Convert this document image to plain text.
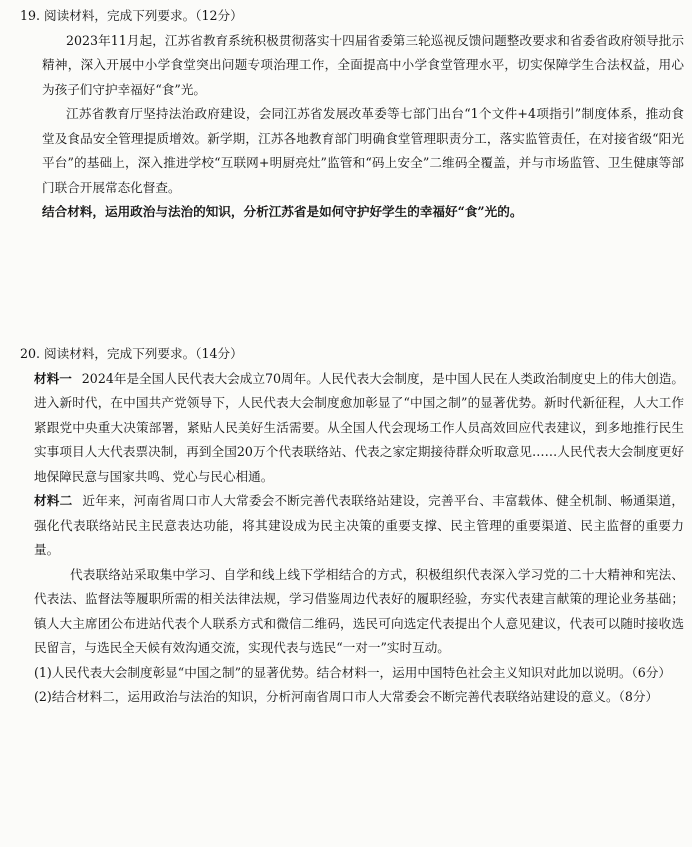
19. 阅读材料，完成下列要求。（12分）

2023年11月起，江苏省教育系统积极贯彻落实十四届省委第三轮巡视反馈问题整改要求和省委省政府领导批示精神，深入开展中小学食堂突出问题专项治理工作，全面提高中小学食堂管理水平，切实保障学生合法权益，用心为孩子们守护幸福好“食”光。

江苏省教育厅坚持法治政府建设，会同江苏省发展改革委等七部门出台“1个文件+4项指引”制度体系，推动食堂及食品安全管理提质增效。新学期，江苏各地教育部门明确食堂管理职责分工，落实监管责任，在对接省级“阳光平台”的基础上，深入推进学校“互联网+明厨亮灶”监管和“码上安全”二维码全覆盖，并与市场监管、卫生健康等部门联合开展常态化督查。

结合材料，运用政治与法治的知识，分析江苏省是如何守护好学生的幸福好“食”光的。

20. 阅读材料，完成下列要求。（14分）

材料一 2024年是全国人民代表大会成立70周年。人民代表大会制度，是中国人民在人类政治制度史上的伟大创造。进入新时代，在中国共产党领导下，人民代表大会制度愈加彰显了“中国之制”的显著优势。新时代新征程，人大工作紧跟党中央重大决策部署，紧贴人民美好生活需要。从全国人代会现场工作人员高效回应代表建议，到多地推行民生实事项目人大代表票决制，再到全国20万个代表联络站、代表之家定期接待群众听取意见……人民代表大会制度更好地保障民意与国家共鸣、党心与民心相通。

材料二 近年来，河南省周口市人大常委会不断完善代表联络站建设，完善平台、丰富载体、健全机制、畅通渠道，强化代表联络站民主民意表达功能，将其建设成为民主决策的重要支撑、民主管理的重要渠道、民主监督的重要力量。

代表联络站采取集中学习、自学和线上线下学相结合的方式，积极组织代表深入学习党的二十大精神和宪法、代表法、监督法等履职所需的相关法律法规，学习借鉴周边代表好的履职经验，夯实代表建言献策的理论业务基础；镇人大主席团公布进站代表个人联系方式和微信二维码，选民可向选定代表提出个人意见建议，代表可以随时接收选民留言，与选民全天候有效沟通交流，实现代表与选民“一对一”实时互动。

(1)人民代表大会制度彰显“中国之制”的显著优势。结合材料一，运用中国特色社会主义知识对此加以说明。（6分）

(2)结合材料二，运用政治与法治的知识，分析河南省周口市人大常委会不断完善代表联络站建设的意义。（8分）
